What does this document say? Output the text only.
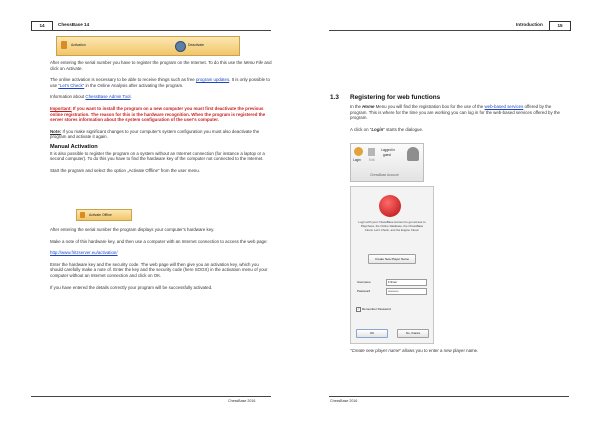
14	ChessBase 14
Activation	Deactivate

After entering the serial number you have to register the program on the Internet. To do this use the Menu File and click on Activate.

The online activation is necessary to be able to receive things such as free program updates. It is only possible to use "Let's Check" in the Online Analysis after activating the program.

Information about ChessBase Admin Tool.

Important: If you want to install the program on a new computer you must first deactivate the previous online registration. The reason for this is the hardware recognition. When the program is registered the server stores information about the system configuration of the user's computer.

Note: If you make significant changes to your computer's system configuration you must also deactivate the program and activate it again.

Manual Activation

It is also possible to register the program on a system without an Internet connection (for instance a laptop or a second computer). To do this you have to find the hardware key of the computer not connected to the Internet.

Start the program and select the option „Activate Offline“ from the user menu.

Activate Offline

After entering the serial number the program displays your computer's hardware key.

Make a note of this hardware key, and then use a computer with an Internet connection to access the web page:

http://www.fritzserver.eu/activation/

Enter the hardware key and the security code. The web page will then give you an activation key, which you should carefully make a note of. Enter the key and the security code (here SOGX) in the activation menu of your computer without an Internet connection and click on OK.

If you have entered the details correctly your program will be successfully activated.

ChessBase 2016
Introduction	15
1.3 Registering for web functions

In the Home Menu you will find the registration box for the use of the web-based services offered by the program. This is where for the time you are working you can log in for the web-based services offered by the program.

A click on "Login" starts the dialogue.

Login	Edit
Logged in
guest
ChessBase Account
Login with your ChessBase Account to get access to Playchess, the Online Database, the ChessBase Cloud, Let's Check, and the Engine Cloud.
Create New Player Name
Username	Fritzen
Password	••••••••••
✓ Remember Password
OK	No, thanks
"Create new player name" allows you to enter a new player name.
ChessBase 2016
